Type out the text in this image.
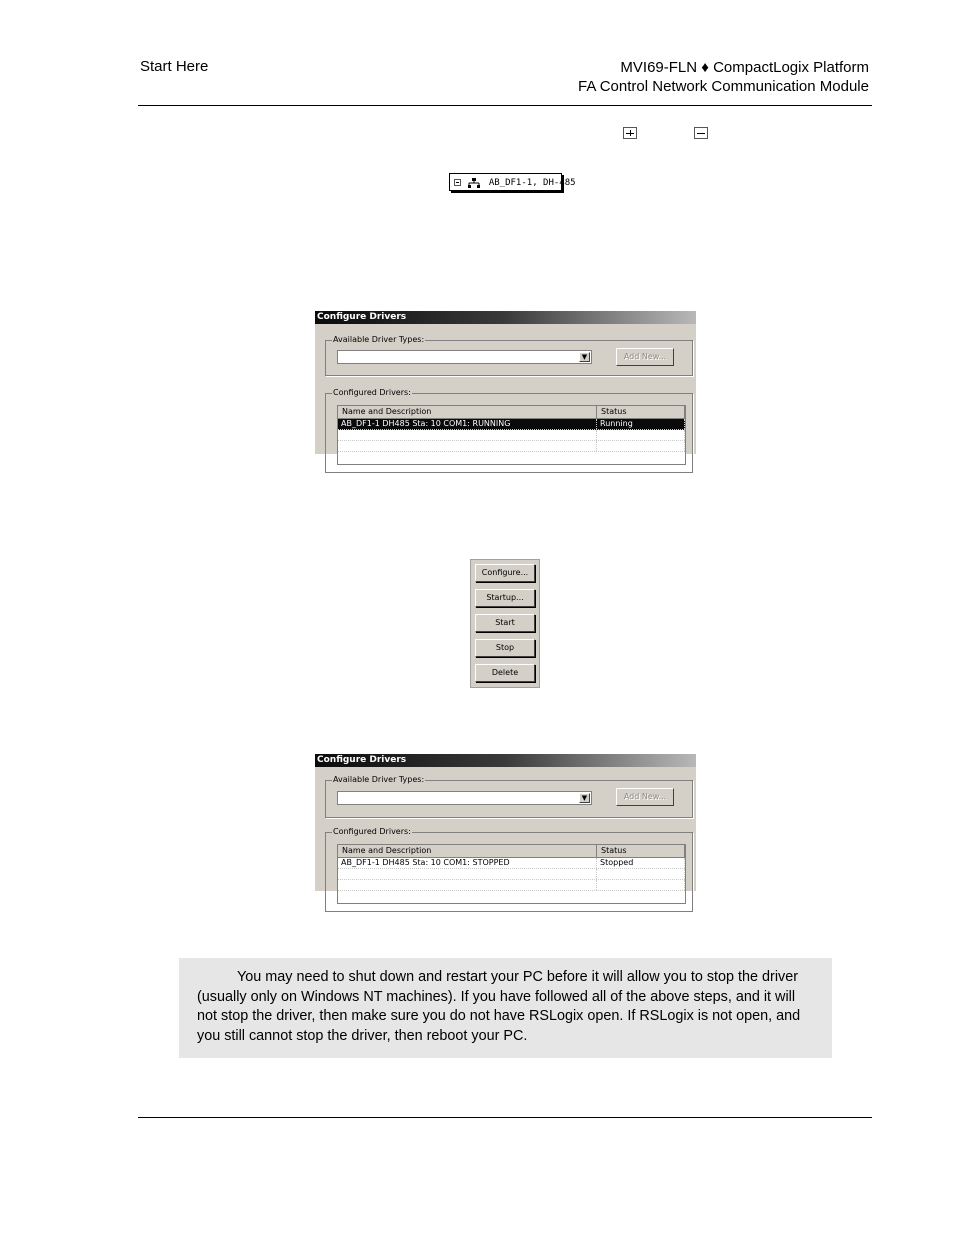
Start Here	MVI69-FLN ♦ CompactLogix Platform
FA Control Network Communication Module
AB_DF1-1, DH-485
Configure Drivers
Available Driver Types:
▼	Add New...
Configured Drivers:
Name and Description	Status
AB_DF1-1 DH485 Sta: 10 COM1: RUNNING	Running
Configure...
Startup...
Start
Stop
Delete
Configure Drivers
Available Driver Types:
▼	Add New...
Configured Drivers:
Name and Description	Status
AB_DF1-1 DH485 Sta: 10 COM1: STOPPED	Stopped
You may need to shut down and restart your PC before it will allow you to stop the driver (usually only on Windows NT machines). If you have followed all of the above steps, and it will not stop the driver, then make sure you do not have RSLogix open. If RSLogix is not open, and you still cannot stop the driver, then reboot your PC.
